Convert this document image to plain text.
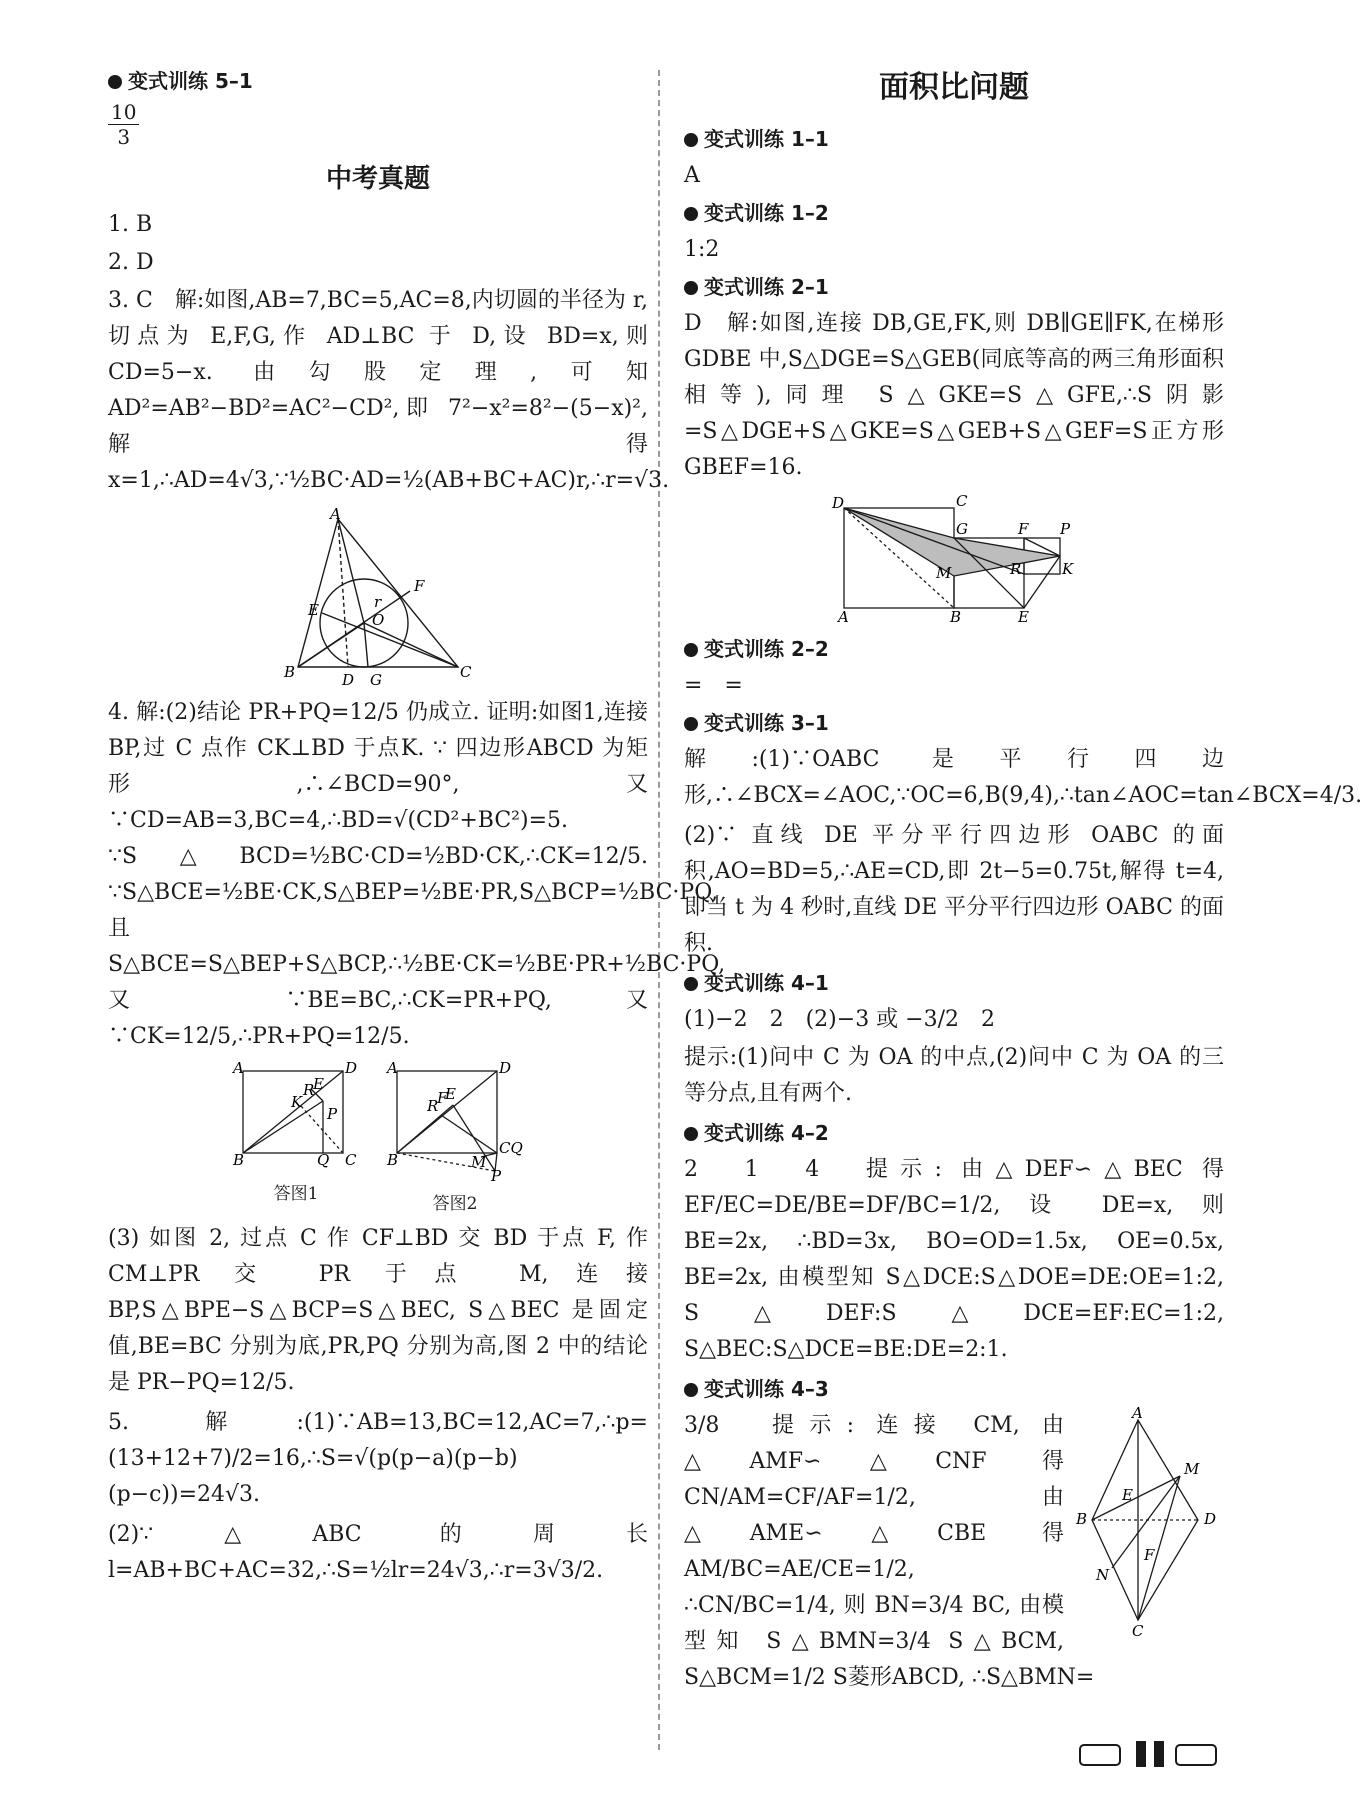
变式训练 5–1
$\frac{10}{3}$
中考真题
1. B
2. D
3. C　解:如图,AB=7,BC=5,AC=8,内切圆的半径为 r,切点为 E,F,G,作 AD⊥BC 于 D,设 BD=x,则 CD=5−x. 由勾股定理,可知 AD²=AB²−BD²=AC²−CD²,即 7²−x²=8²−(5−x)²,解得 x=1,∴AD=4√3,∵½BC·AD=½(AB+BC+AC)r,∴r=√3.
A
B	C
D
E
F
G
O
r
4. 解:(2)结论 PR+PQ=12/5 仍成立. 证明:如图1,连接 BP,过 C 点作 CK⊥BD 于点K. ∵ 四边形ABCD 为矩形,∴∠BCD=90°,又 ∵CD=AB=3,BC=4,∴BD=√(CD²+BC²)=5. ∵S△BCD=½BC·CD=½BD·CK,∴CK=12/5. ∵S△BCE=½BE·CK,S△BEP=½BE·PR,S△BCP=½BC·PQ,且 S△BCE=S△BEP+S△BCP,∴½BE·CK=½BE·PR+½BC·PQ,又 ∵BE=BC,∴CK=PR+PQ,又 ∵CK=12/5,∴PR+PQ=12/5.
A	D
B	C
E
K
R
P
Q
答图1
A	D
B
CQ
E
R
F
M
P
答图2
(3) 如图 2, 过点 C 作 CF⊥BD 交 BD 于点 F, 作 CM⊥PR 交 PR 于点 M,连接 BP,S△BPE−S△BCP=S△BEC, S△BEC 是固定值,BE=BC 分别为底,PR,PQ 分别为高,图 2 中的结论是 PR−PQ=12/5.
5. 解:(1)∵AB=13,BC=12,AC=7,∴p=(13+12+7)/2=16,∴S=√(p(p−a)(p−b)(p−c))=24√3.
(2)∵△ABC 的周长 l=AB+BC+AC=32,∴S=½lr=24√3,∴r=3√3/2.
面积比问题
变式训练 1–1
A
变式训练 1–2
1:2
变式训练 2–1
D　解:如图,连接 DB,GE,FK,则 DB∥GE∥FK,在梯形 GDBE 中,S△DGE=S△GEB(同底等高的两三角形面积相等),同理 S△GKE=S△GFE,∴S阴影=S△DGE+S△GKE=S△GEB+S△GEF=S正方形GBEF=16.
D	C
G	F P
M	R	K
A	B	E
变式训练 2–2
=　=
变式训练 3–1
解:(1)∵OABC 是平行四边形,∴∠BCX=∠AOC,∵OC=6,B(9,4),∴tan∠AOC=tan∠BCX=4/3.
(2)∵ 直线 DE 平分平行四边形 OABC 的面积,AO=BD=5,∴AE=CD,即 2t−5=0.75t,解得 t=4,即当 t 为 4 秒时,直线 DE 平分平行四边形 OABC 的面积.
变式训练 4–1
(1)−2　2　(2)−3 或 −3/2　2
提示:(1)问中 C 为 OA 的中点,(2)问中 C 为 OA 的三等分点,且有两个.
变式训练 4–2
2　1　4　提示: 由△DEF∽△BEC 得 EF/EC=DE/BE=DF/BC=1/2, 设 DE=x, 则 BE=2x, ∴BD=3x, BO=OD=1.5x, OE=0.5x, BE=2x, 由模型知 S△DCE:S△DOE=DE:OE=1:2, S△DEF:S△DCE=EF:EC=1:2, S△BEC:S△DCE=BE:DE=2:1.
变式训练 4–3
A
B
C
D
E
F
M
N
3/8　提示: 连接 CM, 由△AMF∽△CNF 得 CN/AM=CF/AF=1/2, 由△AME∽△CBE 得 AM/BC=AE/CE=1/2, ∴CN/BC=1/4, 则 BN=3/4 BC, 由模型知 S△BMN=3/4 S△BCM, S△BCM=1/2 S菱形ABCD, ∴S△BMN=
